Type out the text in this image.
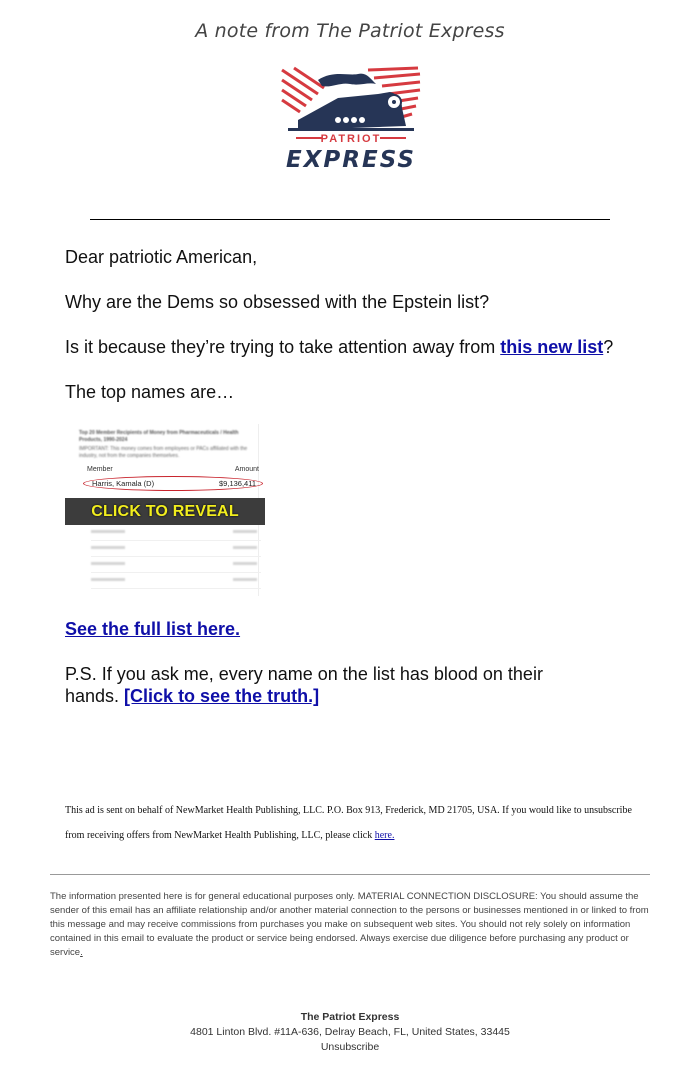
A note from The Patriot Express
PATRIOT
EXPRESS
Dear patriotic American,
Why are the Dems so obsessed with the Epstein list?
Is it because they’re trying to take attention away from this new list?
The top names are…
Top 20 Member Recipients of Money from Pharmaceuticals / Health Products, 1990-2024
IMPORTANT: This money comes from employees or PACs affiliated with the industry, not from the companies themselves.
Member	Amount
Harris, Kamala (D)	$9,136,411
CLICK TO REVEAL
See the full list here.
P.S. If you ask me, every name on the list has blood on their hands. [Click to see the truth.]
This ad is sent on behalf of NewMarket Health Publishing, LLC. P.O. Box 913, Frederick, MD 21705, USA. If you would like to unsubscribe from receiving offers from NewMarket Health Publishing, LLC, please click here.
The information presented here is for general educational purposes only. MATERIAL CONNECTION DISCLOSURE: You should assume the sender of this email has an affiliate relationship and/or another material connection to the persons or businesses mentioned in or linked to from this message and may receive commissions from purchases you make on subsequent web sites. You should not rely solely on information contained in this email to evaluate the product or service being endorsed. Always exercise due diligence before purchasing any product or service.
The Patriot Express
4801 Linton Blvd. #11A-636, Delray Beach, FL, United States, 33445
Unsubscribe
